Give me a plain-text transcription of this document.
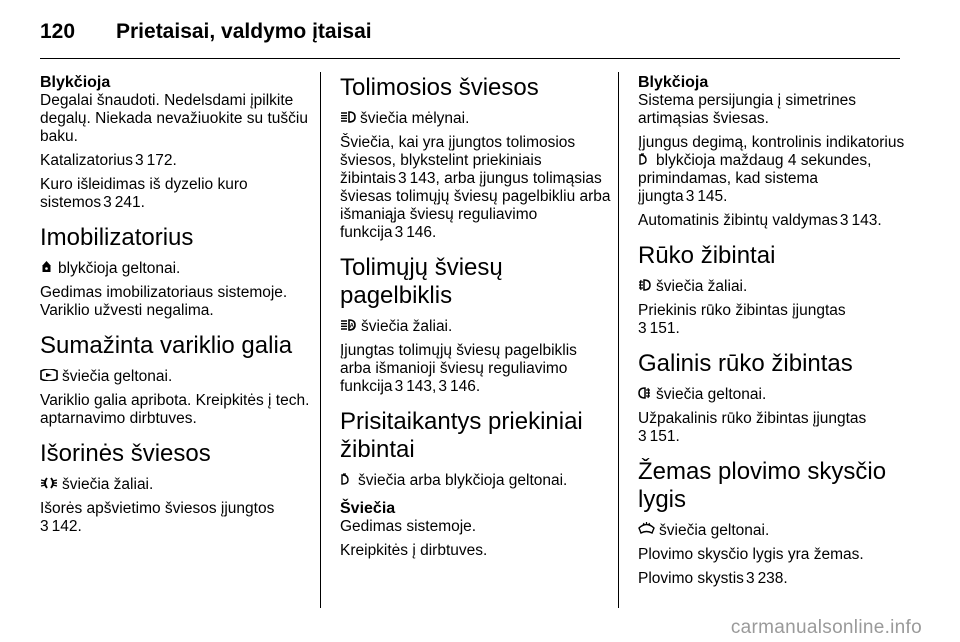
120 Prietaisai, valdymo įtaisai
Blykčioja

Degalai šnaudoti. Nedelsdami įpilkite degalų. Niekada nevažiuokite su tuščiu baku.

Katalizatorius 3 172.

Kuro išleidimas iš dyzelio kuro sistemos 3 241.

Imobilizatorius

blykčioja geltonai.

Gedimas imobilizatoriaus sistemoje. Variklio užvesti negalima.

Sumažinta variklio galia

šviečia geltonai.

Variklio galia apribota. Kreipkitės į tech. aptarnavimo dirbtuves.

Išorinės šviesos

šviečia žaliai.

Išorės apšvietimo šviesos įjungtos
3 142.

Tolimosios šviesos

šviečia mėlynai.

Šviečia, kai yra įjungtos tolimosios šviesos, blykstelint priekiniais žibintais 3 143, arba įjungus tolimąsias šviesas tolimųjų šviesų pagelbikliu arba išmaniąja šviesų reguliavimo funkcija 3 146.

Tolimųjų šviesų pagelbiklis

A šviečia žaliai.

Įjungtas tolimųjų šviesų pagelbiklis arba išmanioji šviesų reguliavimo funkcija 3 143, 3 146.

Prisitaikantys priekiniai žibintai

šviečia arba blykčioja geltonai.

Šviečia

Gedimas sistemoje.

Kreipkitės į dirbtuves.

Blykčioja

Sistema persijungia į simetrines artimąsias šviesas.

Įjungus degimą, kontrolinis indikatorius blykčioja maždaug 4 sekundes, primindamas, kad sistema įjungta 3 145.

Automatinis žibintų valdymas 3 143.

Rūko žibintai

šviečia žaliai.

Priekinis rūko žibintas įjungtas
3 151.

Galinis rūko žibintas

šviečia geltonai.

Užpakalinis rūko žibintas įjungtas
3 151.

Žemas plovimo skysčio lygis

šviečia geltonai.

Plovimo skysčio lygis yra žemas.

Plovimo skystis 3 238.

carmanualsonline.info
